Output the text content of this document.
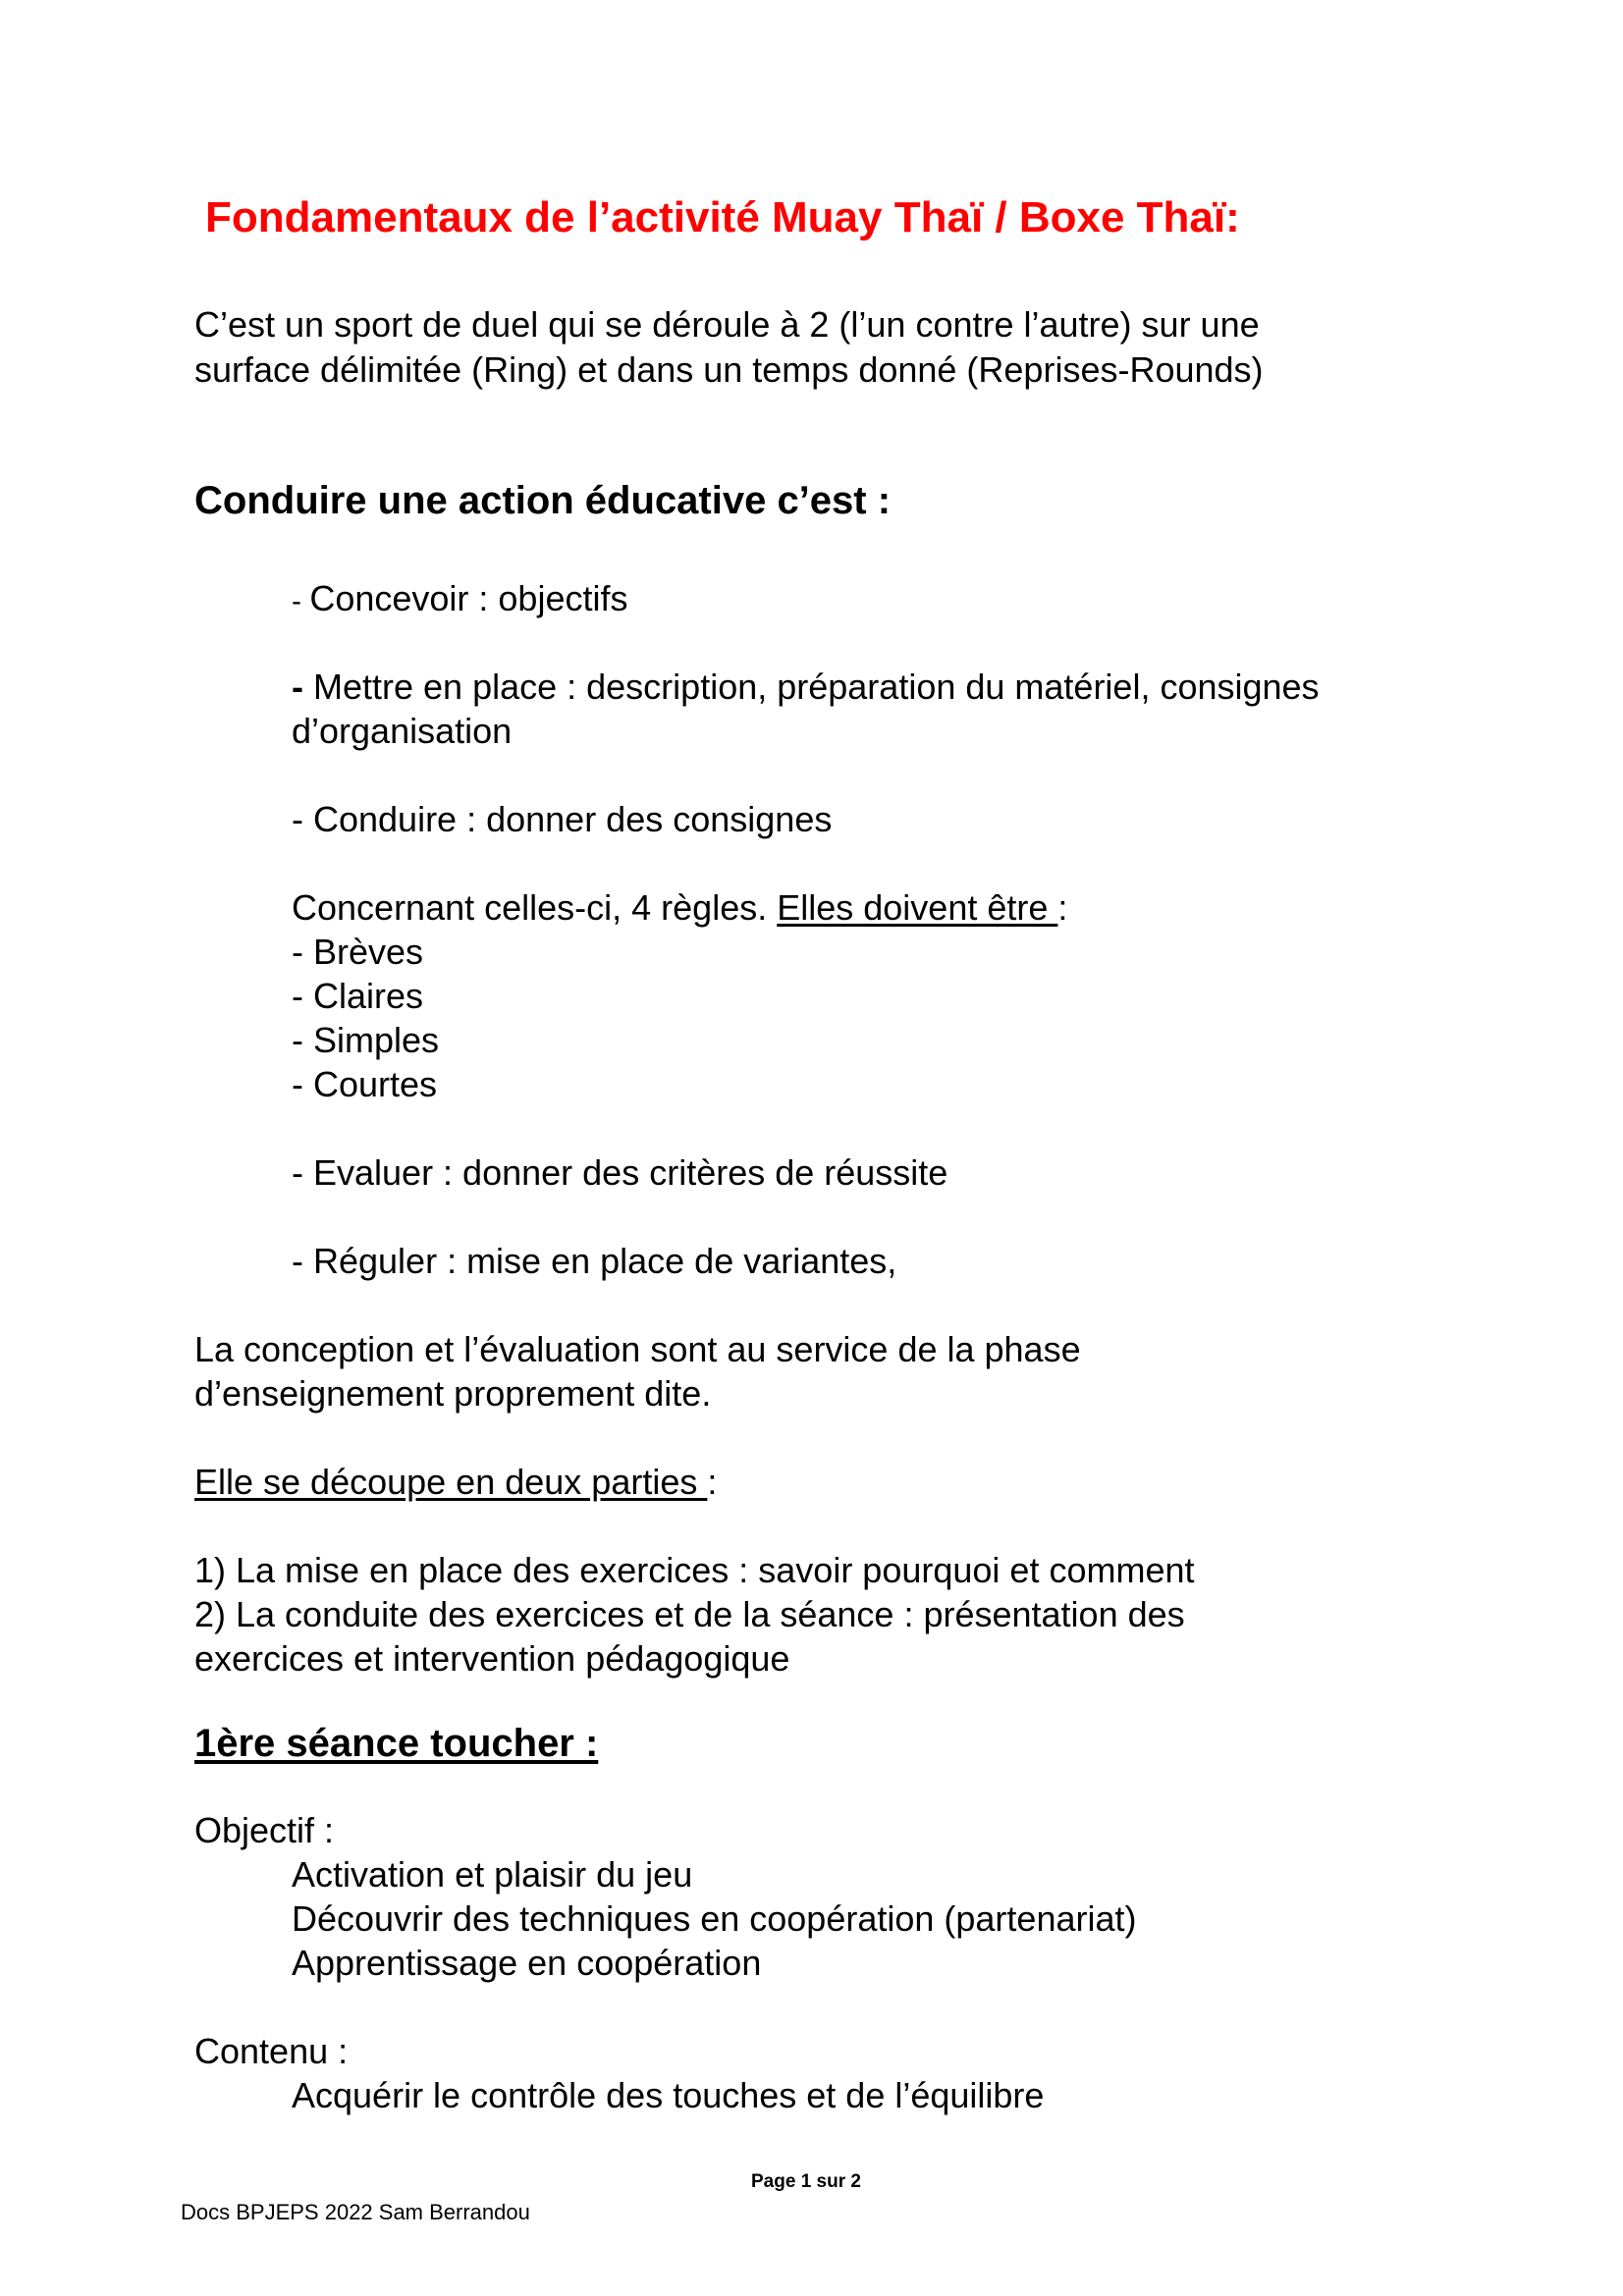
Fondamentaux de l’activité Muay Thaï / Boxe Thaï:
C’est un sport de duel qui se déroule à 2 (l’un contre l’autre) sur une
surface délimitée (Ring) et dans un temps donné (Reprises-Rounds)
Conduire une action éducative c’est :
- Concevoir : objectifs
- Mettre en place : description, préparation du matériel, consignes
d’organisation
- Conduire : donner des consignes
Concernant celles-ci, 4 règles. Elles doivent être :
- Brèves
- Claires
- Simples
- Courtes
- Evaluer : donner des critères de réussite
- Réguler : mise en place de variantes,
La conception et l’évaluation sont au service de la phase
d’enseignement proprement dite.
Elle se découpe en deux parties :
1) La mise en place des exercices : savoir pourquoi et comment
2) La conduite des exercices et de la séance : présentation des
exercices et intervention pédagogique
1ère séance toucher :
Objectif :
Activation et plaisir du jeu
Découvrir des techniques en coopération (partenariat)
Apprentissage en coopération
Contenu :
Acquérir le contrôle des touches et de l’équilibre
Page 1 sur 2
Docs BPJEPS 2022 Sam Berrandou
